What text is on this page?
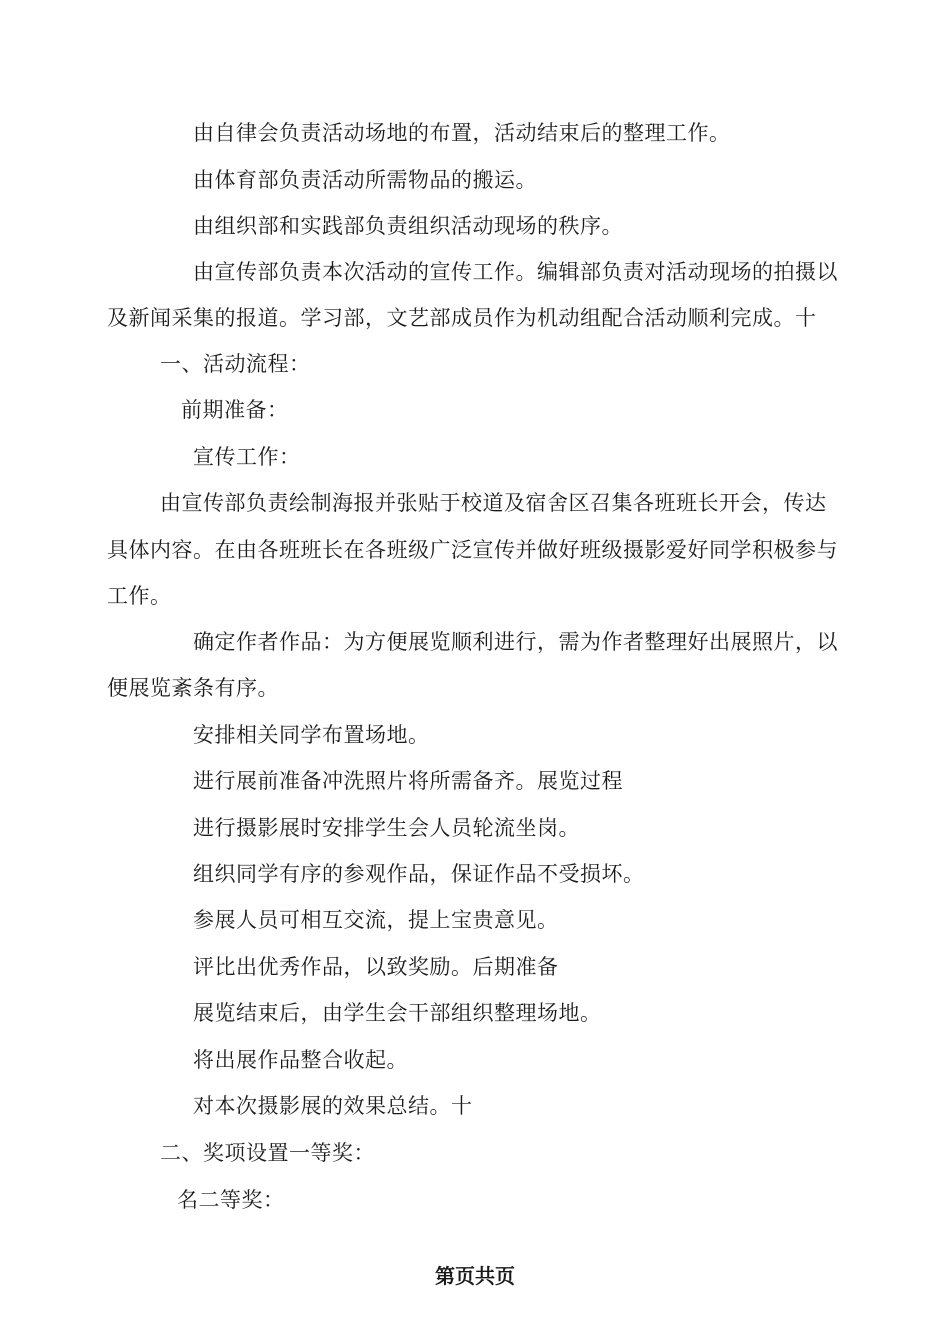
由自律会负责活动场地的布置，活动结束后的整理工作。
由体育部负责活动所需物品的搬运。
由组织部和实践部负责组织活动现场的秩序。
由宣传部负责本次活动的宣传工作。编辑部负责对活动现场的拍摄以
及新闻采集的报道。学习部，文艺部成员作为机动组配合活动顺利完成。十
一、活动流程：
前期准备：
宣传工作：
由宣传部负责绘制海报并张贴于校道及宿舍区召集各班班长开会，传达
具体内容。在由各班班长在各班级广泛宣传并做好班级摄影爱好同学积极参与
工作。
确定作者作品：为方便展览顺利进行，需为作者整理好出展照片，以
便展览紊条有序。
安排相关同学布置场地。
进行展前准备冲洗照片将所需备齐。展览过程
进行摄影展时安排学生会人员轮流坐岗。
组织同学有序的参观作品，保证作品不受损坏。
参展人员可相互交流，提上宝贵意见。
评比出优秀作品，以致奖励。后期准备
展览结束后，由学生会干部组织整理场地。
将出展作品整合收起。
对本次摄影展的效果总结。十
二、奖项设置一等奖：
名二等奖：
第页共页
